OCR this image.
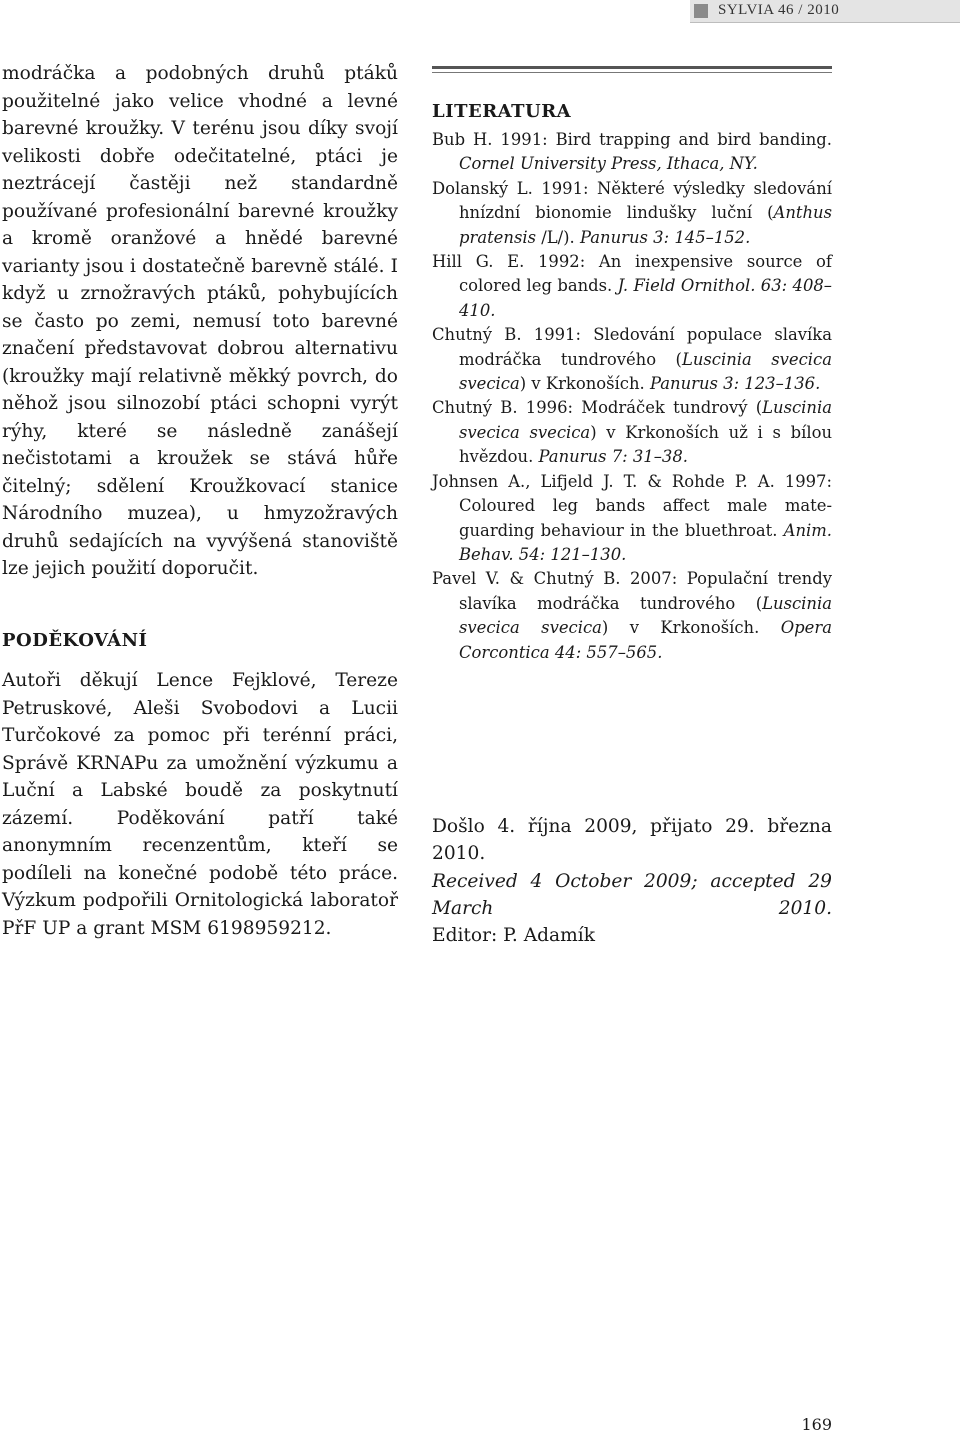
SYLVIA 46 / 2010

modráčka a podobných druhů ptáků použitelné jako velice vhodné a levné barevné kroužky. V terénu jsou díky svojí velikosti dobře odečitatelné, ptáci je neztrácejí častěji než standardně používané profesionální barevné kroužky a kromě oranžové a hnědé barevné varianty jsou i dostatečně barevně stálé. I když u zrnožravých ptáků, pohybujících se často po zemi, nemusí toto barevné značení představovat dobrou alternativu (kroužky mají relativně měkký povrch, do něhož jsou silnozobí ptáci schopni vyrýt rýhy, které se následně zanášejí nečistotami a kroužek se stává hůře čitelný; sdělení Kroužkovací stanice Národního muzea), u hmyzožravých druhů sedajících na vyvýšená stanoviště lze jejich použití doporučit.

PODĚKOVÁNÍ

Autoři děkují Lence Fejklové, Tereze Petruskové, Aleši Svobodovi a Lucii Turčokové za pomoc při terénní práci, Správě KRNAPu za umožnění výzkumu a Luční a Labské boudě za poskytnutí zázemí. Poděkování patří také anonymním recenzentům, kteří se podíleli na konečné podobě této práce. Výzkum podpořili Ornitologická laboratoř PřF UP a grant MSM 6198959212.

LITERATURA

Bub H. 1991: Bird trapping and bird banding. Cornel University Press, Ithaca, NY.

Dolanský L. 1991: Některé výsledky sledování hnízdní bionomie lindušky luční (Anthus pratensis /L/). Panurus 3: 145–152.

Hill G. E. 1992: An inexpensive source of colored leg bands. J. Field Ornithol. 63: 408–410.

Chutný B. 1991: Sledování populace slavíka modráčka tundrového (Luscinia svecica svecica) v Krkonoších. Panurus 3: 123–136.

Chutný B. 1996: Modráček tundrový (Luscinia svecica svecica) v Krkonoších už i s bílou hvězdou. Panurus 7: 31–38.

Johnsen A., Lifjeld J. T. & Rohde P. A. 1997: Coloured leg bands affect male mate-guarding behaviour in the bluethroat. Anim. Behav. 54: 121–130.

Pavel V. & Chutný B. 2007: Populační trendy slavíka modráčka tundrového (Luscinia svecica svecica) v Krkonoších. Opera Corcontica 44: 557–565.

Došlo 4. října 2009, přijato 29. března 2010.

Received 4 October 2009; accepted 29 March 2010.

Editor: P. Adamík

169
